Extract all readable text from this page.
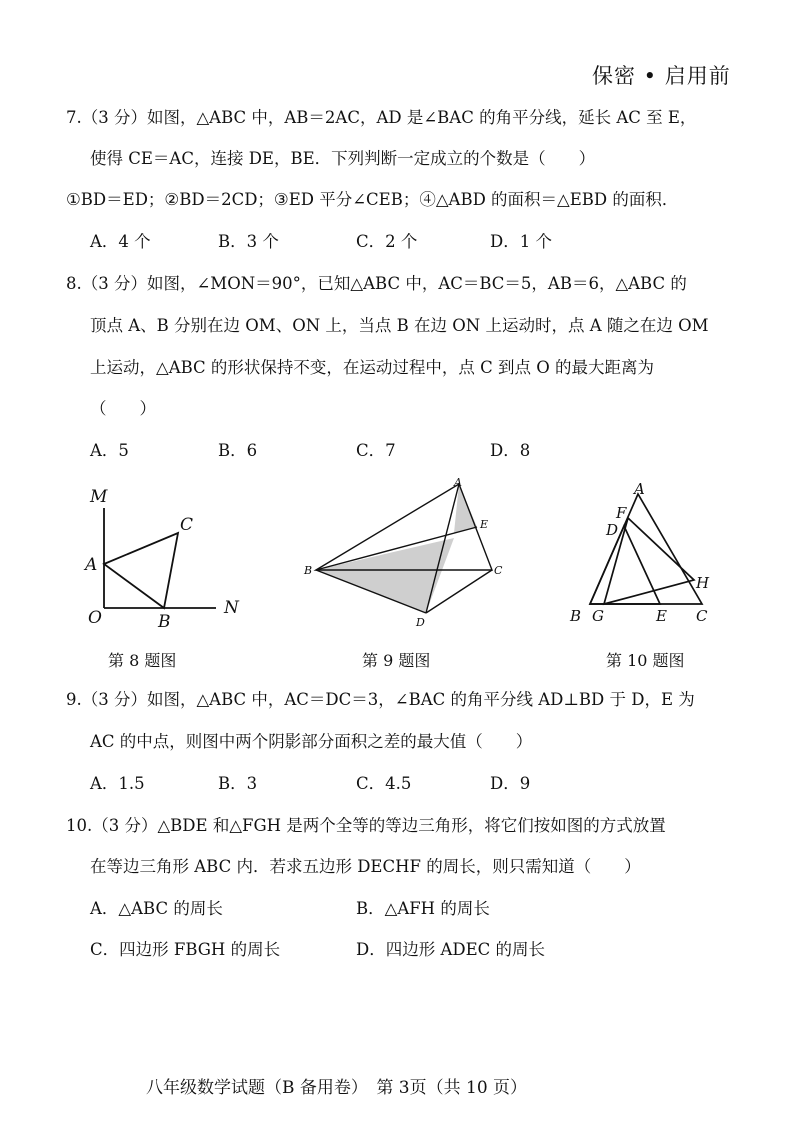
保密 • 启用前
7.（3 分）如图，△ABC 中，AB＝2AC，AD 是∠BAC 的角平分线，延长 AC 至 E，
使得 CE＝AC，连接 DE，BE．下列判断一定成立的个数是（　　）
①BD＝ED；②BD＝2CD；③ED 平分∠CEB；④△ABD 的面积＝△EBD 的面积．
A．4 个	B．3 个	C．2 个	D．1 个
8.（3 分）如图，∠MON＝90°，已知△ABC 中，AC＝BC＝5，AB＝6，△ABC 的
顶点 A、B 分别在边 OM、ON 上，当点 B 在边 ON 上运动时，点 A 随之在边 OM
上运动，△ABC 的形状保持不变，在运动过程中，点 C 到点 O 的最大距离为
（　　）
A．5	B．6	C．7	D．8
M
A
C
O	B
N
A
E
B	C
D
A
F
D
H
B G	E C
第 8 题图	第 9 题图	第 10 题图
9.（3 分）如图，△ABC 中，AC＝DC＝3，∠BAC 的角平分线 AD⊥BD 于 D，E 为
AC 的中点，则图中两个阴影部分面积之差的最大值（　　）
A．1.5	B．3	C．4.5	D．9
10.（3 分）△BDE 和△FGH 是两个全等的等边三角形，将它们按如图的方式放置
在等边三角形 ABC 内．若求五边形 DECHF 的周长，则只需知道（　　）
A．△ABC 的周长	B．△AFH 的周长
C．四边形 FBGH 的周长	D．四边形 ADEC 的周长
八年级数学试题（B 备用卷）　第 3页（共 10 页）
